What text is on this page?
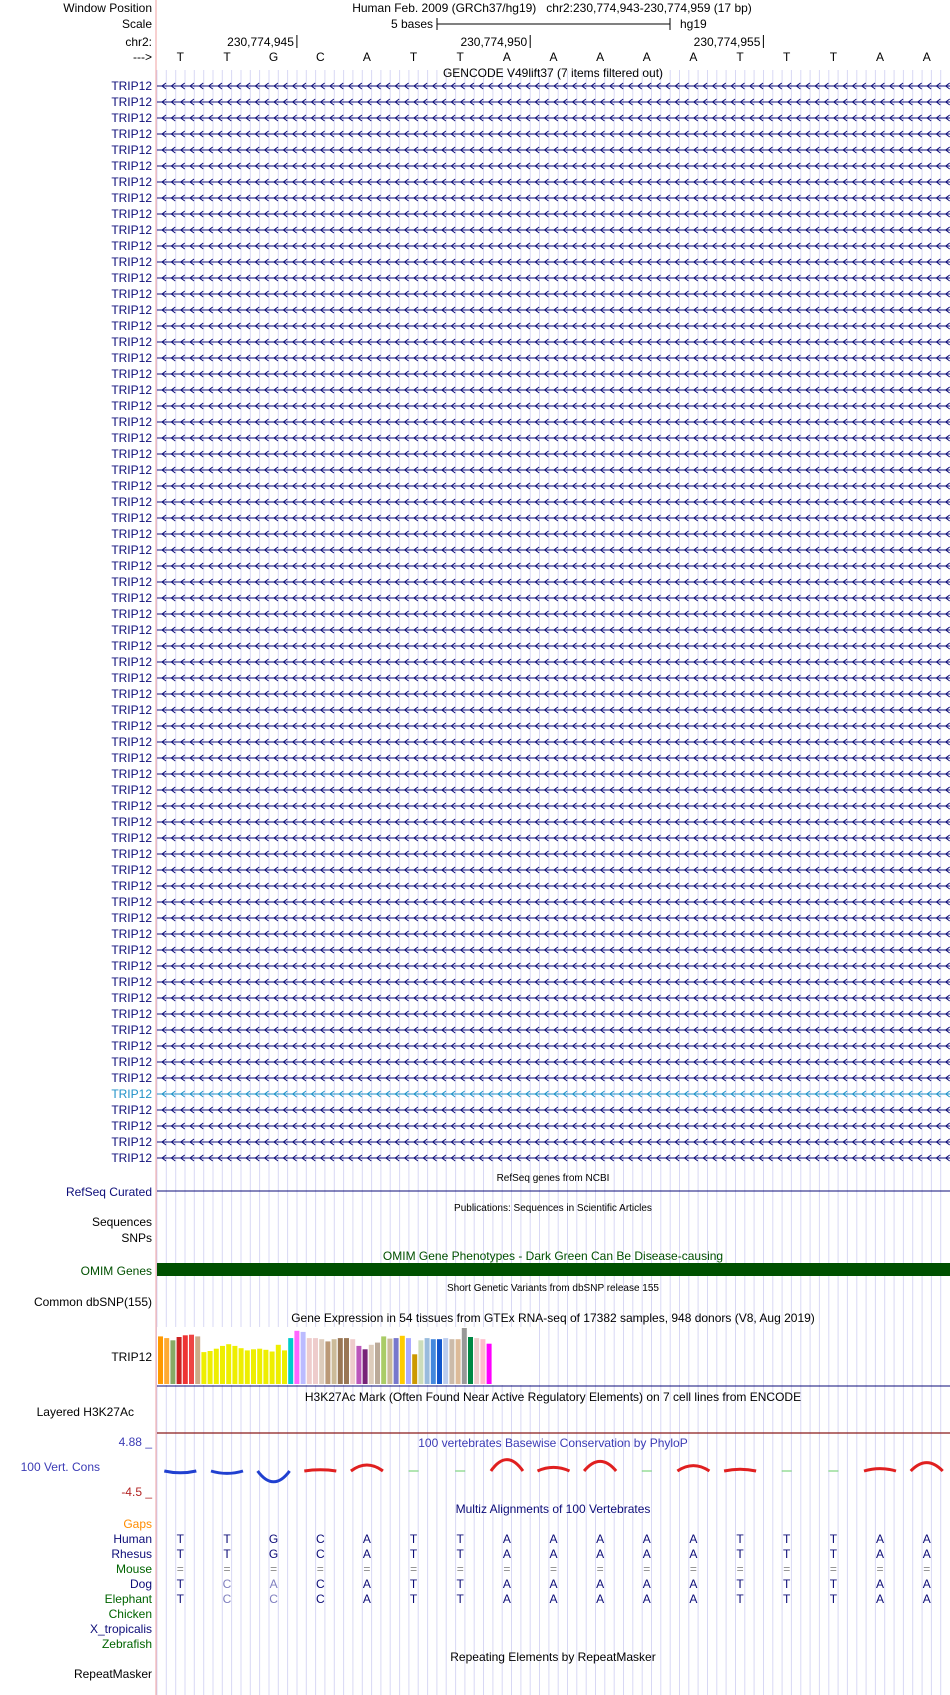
Window Position	Human Feb. 2009 (GRCh37/hg19)   chr2:230,774,943-230,774,959 (17 bp)
Scale	5 bases	hg19
chr2:	230,774,945	230,774,950	230,774,955
---> T	T	G	C	A	T	T	A	A	A	A	A	T	T	T	A	A
GENCODE V49lift37 (7 items filtered out)
TRIP12
TRIP12
TRIP12
TRIP12
TRIP12
TRIP12
TRIP12
TRIP12
TRIP12
TRIP12
TRIP12
TRIP12
TRIP12
TRIP12
TRIP12
TRIP12
TRIP12
TRIP12
TRIP12
TRIP12
TRIP12
TRIP12
TRIP12
TRIP12
TRIP12
TRIP12
TRIP12
TRIP12
TRIP12
TRIP12
TRIP12
TRIP12
TRIP12
TRIP12
TRIP12
TRIP12
TRIP12
TRIP12
TRIP12
TRIP12
TRIP12
TRIP12
TRIP12
TRIP12
TRIP12
TRIP12
TRIP12
TRIP12
TRIP12
TRIP12
TRIP12
TRIP12
TRIP12
TRIP12
TRIP12
TRIP12
TRIP12
TRIP12
TRIP12
TRIP12
TRIP12
TRIP12
TRIP12
TRIP12
TRIP12
TRIP12
TRIP12
TRIP12
RefSeq genes from NCBI
RefSeq Curated
Publications: Sequences in Scientific Articles
Sequences
SNPs
OMIM Gene Phenotypes - Dark Green Can Be Disease-causing
OMIM Genes
Short Genetic Variants from dbSNP release 155
Common dbSNP(155)
Gene Expression in 54 tissues from GTEx RNA-seq of 17382 samples, 948 donors (V8, Aug 2019)
TRIP12
H3K27Ac Mark (Often Found Near Active Regulatory Elements) on 7 cell lines from ENCODE
Layered H3K27Ac
100 vertebrates Basewise Conservation by PhyloP
4.88 _
100 Vert. Cons
-4.5 _
Multiz Alignments of 100 Vertebrates
Gaps
Human T	T	G	C	A	T	T	A	A	A	A	A	T	T	T	A	A
Rhesus T	T	G	C	A	T	T	A	A	A	A	A	T	T	T	A	A
Mouse =	=	=	=	=	=	=	=	=	=	=	=	=	=	=	=	=
Dog T	C	A	C	A	T	T	A	A	A	A	A	T	T	T	A	A
Elephant T	C	C	C	A	T	T	A	A	A	A	A	T	T	T	A	A
Chicken
X_tropicalis
Zebrafish
Repeating Elements by RepeatMasker
RepeatMasker
